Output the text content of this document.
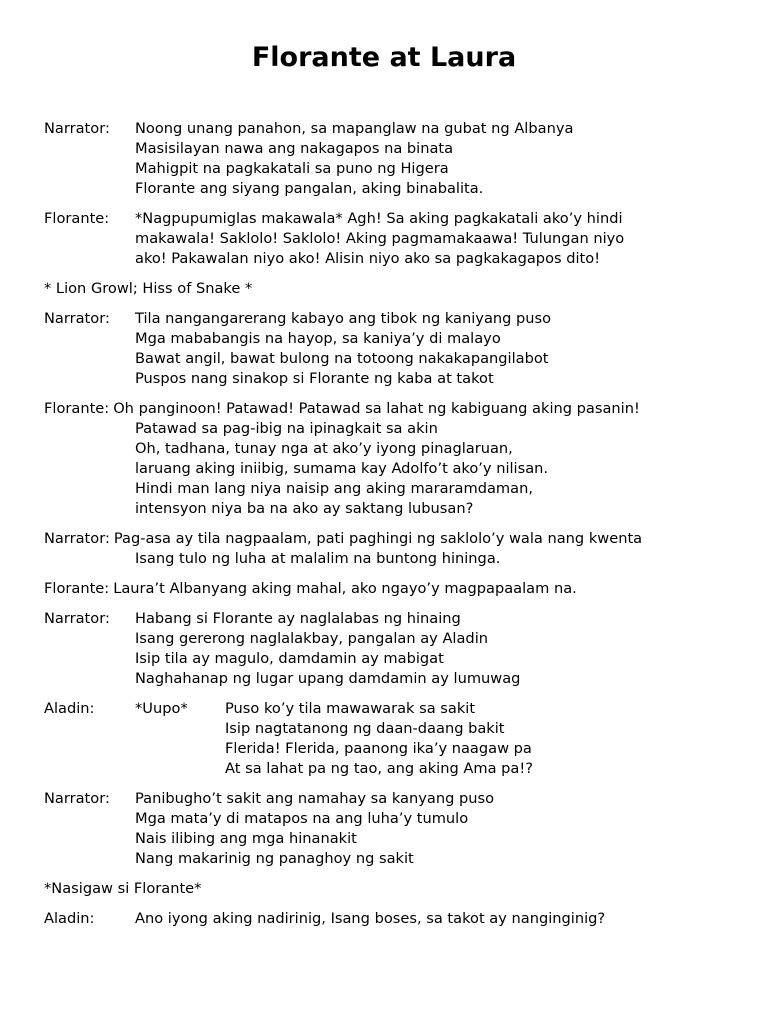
Florante at Laura
Narrator:	Noong unang panahon, sa mapanglaw na gubat ng Albanya
Masisilayan nawa ang nakagapos na binata
Mahigpit na pagkakatali sa puno ng Higera
Florante ang siyang pangalan, aking binabalita.
Florante:	*Nagpupumiglas makawala* Agh! Sa aking pagkakatali ako’y hindi
makawala! Saklolo! Saklolo! Aking pagmamakaawa! Tulungan niyo
ako! Pakawalan niyo ako! Alisin niyo ako sa pagkakagapos dito!
* Lion Growl; Hiss of Snake *
Narrator:	Tila nangangarerang kabayo ang tibok ng kaniyang puso
Mga mababangis na hayop, sa kaniya’y di malayo
Bawat angil, bawat bulong na totoong nakakapangilabot
Puspos nang sinakop si Florante ng kaba at takot
Florante: Oh panginoon! Patawad! Patawad sa lahat ng kabiguang aking pasanin!
Patawad sa pag-ibig na ipinagkait sa akin
Oh, tadhana, tunay nga at ako’y iyong pinaglaruan,
laruang aking iniibig, sumama kay Adolfo’t ako’y nilisan.
Hindi man lang niya naisip ang aking mararamdaman,
intensyon niya ba na ako ay saktang lubusan?
Narrator: Pag-asa ay tila nagpaalam, pati paghingi ng saklolo’y wala nang kwenta
Isang tulo ng luha at malalim na buntong hininga.
Florante: Laura’t Albanyang aking mahal, ako ngayo’y magpapaalam na.
Narrator:	Habang si Florante ay naglalabas ng hinaing
Isang gererong naglalakbay, pangalan ay Aladin
Isip tila ay magulo, damdamin ay mabigat
Naghahanap ng lugar upang damdamin ay lumuwag
Aladin:	*Uupo*	Puso ko’y tila mawawarak sa sakit
Isip nagtatanong ng daan-daang bakit
Flerida! Flerida, paanong ika’y naagaw pa
At sa lahat pa ng tao, ang aking Ama pa!?
Narrator:	Panibugho’t sakit ang namahay sa kanyang puso
Mga mata’y di matapos na ang luha’y tumulo
Nais ilibing ang mga hinanakit
Nang makarinig ng panaghoy ng sakit
*Nasigaw si Florante*
Aladin:	Ano iyong aking nadirinig, Isang boses, sa takot ay nanginginig?
